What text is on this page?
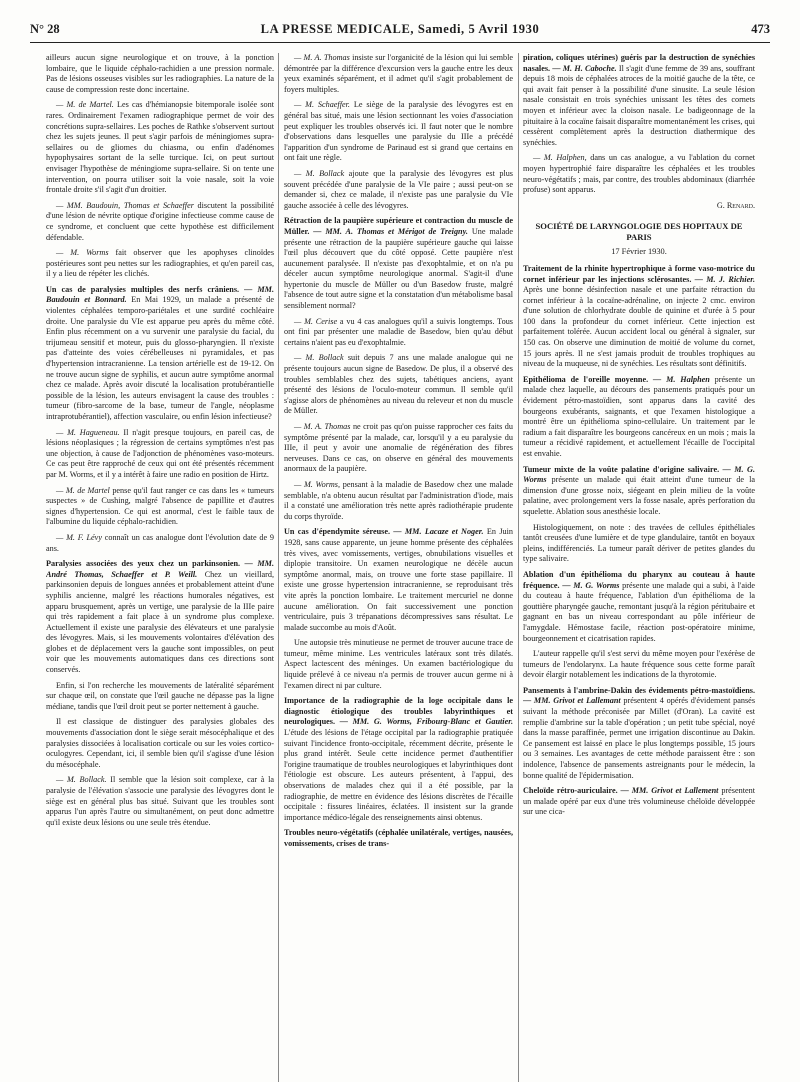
N° 28	LA PRESSE MEDICALE, Samedi, 5 Avril 1930	473

ailleurs aucun signe neurologique et on trouve, à la ponction lombaire, que le liquide céphalo-rachidien a une pression normale. Pas de lésions osseuses visibles sur les radiographies. La nature de la cause de compression reste donc incertaine.

— M. de Martel. Les cas d'hémianopsie bitemporale isolée sont rares. Ordinairement l'examen radiographique permet de voir des concrétions supra-sellaires. Les poches de Rathke s'observent surtout chez les sujets jeunes. Il peut s'agir parfois de méningiomes supra-sellaires ou de gliomes du chiasma, ou enfin d'adénomes hypophysaires sortant de la selle turcique. Ici, on peut surtout envisager l'hypothèse de méningiome supra-sellaire. Si on tente une intervention, on pourra utiliser soit la voie nasale, soit la voie frontale droite s'il s'agit d'un droitier.

— MM. Baudouin, Thomas et Schaeffer discutent la possibilité d'une lésion de névrite optique d'origine infectieuse comme cause de ce syndrome, et concluent que cette hypothèse est difficilement défendable.

— M. Worms fait observer que les apophyses clinoïdes postérieures sont peu nettes sur les radiographies, et qu'en pareil cas, il y a lieu de répéter les clichés.

Un cas de paralysies multiples des nerfs crâniens. — MM. Baudouin et Bonnard. En Mai 1929, un malade a présenté de violentes céphalées temporo-pariétales et une surdité cochléaire droite. Une paralysie du VIe est apparue peu après du même côté. Enfin plus récemment on a vu survenir une paralysie du facial, du trijumeau sensitif et moteur, puis du glosso-pharyngien. Il n'existe pas d'atteinte des voies cérébelleuses ni pyramidales, et pas d'hypertension intracranienne. La tension artérielle est de 19-12. On ne trouve aucun signe de syphilis, et aucun autre symptôme anormal chez ce malade. Après avoir discuté la localisation protubérantielle possible de la lésion, les auteurs envisagent la cause des troubles : tumeur (fibro-sarcome de la base, tumeur de l'angle, néoplasme intraprotubérantiel), affection vasculaire, ou enfin lésion infectieuse?

— M. Hagueneau. Il n'agit presque toujours, en pareil cas, de lésions néoplasiques ; la régression de certains symptômes n'est pas une objection, à cause de l'adjonction de phénomènes vaso-moteurs. Ce cas peut être rapproché de ceux qui ont été présentés récemment par M. Worms, et il y a intérêt à faire une radio en position de Hirtz.

— M. de Martel pense qu'il faut ranger ce cas dans les « tumeurs suspectes » de Cushing, malgré l'absence de papillite et d'autres signes d'hypertension. Ce qui est anormal, c'est le faible taux de l'albumine du liquide céphalo-rachidien.

— M. F. Lévy connaît un cas analogue dont l'évolution date de 9 ans.

Paralysies associées des yeux chez un parkinsonien. — MM. André Thomas, Schaeffer et P. Weill. Chez un vieillard, parkinsonien depuis de longues années et probablement atteint d'une syphilis ancienne, malgré les réactions humorales négatives, est apparu brusquement, après un vertige, une paralysie de la IIIe paire qui très rapidement a fait place à un syndrome plus complexe. Actuellement il existe une paralysie des élévateurs et une paralysie des lévogyres. Mais, si les mouvements volontaires d'élévation des globes et de déplacement vers la gauche sont impossibles, on peut voir que les mouvements automatiques dans ces directions sont conservés.

Enfin, si l'on recherche les mouvements de latéralité séparément sur chaque œil, on constate que l'œil gauche ne dépasse pas la ligne médiane, tandis que l'œil droit peut se porter nettement à gauche.

Il est classique de distinguer des paralysies globales des mouvements d'association dont le siège serait mésocéphalique et des paralysies dissociées à localisation corticale ou sur les voies cortico-oculogyres. Cependant, ici, il semble bien qu'il s'agisse d'une lésion du mésocéphale.

— M. Bollack. Il semble que la lésion soit complexe, car à la paralysie de l'élévation s'associe une paralysie des lévogyres dont le siège est en général plus bas situé. Suivant que les troubles sont apparus l'un après l'autre ou simultanément, on peut donc admettre qu'il existe deux lésions ou une seule très étendue.

— M. A. Thomas insiste sur l'organicité de la lésion qui lui semble démontrée par la différence d'excursion vers la gauche entre les deux yeux examinés séparément, et il admet qu'il s'agit probablement de foyers multiples.

— M. Schaeffer. Le siège de la paralysie des lévogyres est en général bas situé, mais une lésion sectionnant les voies d'association peut expliquer les troubles observés ici. Il faut noter que le nombre d'observations dans lesquelles une paralysie du IIIe a précédé l'apparition d'un syndrome de Parinaud est si grand que certains en ont fait une règle.

— M. Bollack ajoute que la paralysie des lévogyres est plus souvent précédée d'une paralysie de la VIe paire ; aussi peut-on se demander si, chez ce malade, il n'existe pas une paralysie du VIe gauche associée à celle des lévogyres.

Rétraction de la paupière supérieure et contraction du muscle de Müller. — MM. A. Thomas et Mérigot de Treigny. Une malade présente une rétraction de la paupière supérieure gauche qui laisse l'œil plus découvert que du côté opposé. Cette paupière n'est aucunement paralysée. Il n'existe pas d'exophtalmie, et on n'a pu déceler aucun symptôme neurologique anormal. S'agit-il d'une hypertonie du muscle de Müller ou d'un Basedow fruste, malgré l'absence de tout autre signe et la constatation d'un métabolisme basal sensiblement normal?

— M. Cerise a vu 4 cas analogues qu'il a suivis longtemps. Tous ont fini par présenter une maladie de Basedow, bien qu'au début certains n'aient pas eu d'exophtalmie.

— M. Bollack suit depuis 7 ans une malade analogue qui ne présente toujours aucun signe de Basedow. De plus, il a observé des troubles semblables chez des sujets, tabétiques anciens, ayant présenté des lésions de l'oculo-moteur commun. Il semble qu'il s'agisse alors de phénomènes au niveau du releveur et non du muscle de Müller.

— M. A. Thomas ne croit pas qu'on puisse rapprocher ces faits du symptôme présenté par la malade, car, lorsqu'il y a eu paralysie du IIIe, il peut y avoir une anomalie de régénération des fibres nerveuses. Dans ce cas, on observe en général des mouvements anormaux de la paupière.

— M. Worms, pensant à la maladie de Basedow chez une malade semblable, n'a obtenu aucun résultat par l'administration d'iode, mais il a constaté une amélioration très nette après radiothérapie prudente du corps thyroïde.

Un cas d'épendymite séreuse. — MM. Lacaze et Noger. En Juin 1928, sans cause apparente, un jeune homme présente des céphalées très vives, avec vomissements, vertiges, obnubilations visuelles et diplopie transitoire. Un examen neurologique ne décèle aucun symptôme anormal, mais, on trouve une forte stase papillaire. Il existe une grosse hypertension intracranienne, se reproduisant très vite après la ponction lombaire. Le traitement mercuriel ne donne aucune amélioration. On fait successivement une ponction ventriculaire, puis 3 trépanations décompressives sans résultat. Le malade succombe au mois d'Août.

Une autopsie très minutieuse ne permet de trouver aucune trace de tumeur, même minime. Les ventricules latéraux sont très dilatés. Aspect lactescent des méninges. Un examen bactériologique du liquide prélevé à ce niveau n'a permis de trouver aucun germe ni à l'examen direct ni par culture.

Importance de la radiographie de la loge occipitale dans le diagnostic étiologique des troubles labyrinthiques et neurologiques. — MM. G. Worms, Fribourg-Blanc et Gautier. L'étude des lésions de l'étage occipital par la radiographie pratiquée suivant l'incidence fronto-occipitale, récemment décrite, présente le plus grand intérêt. Seule cette incidence permet d'authentifier l'origine traumatique de troubles neurologiques et labyrinthiques dont l'étiologie est obscure. Les auteurs présentent, à l'appui, des observations de malades chez qui il a été possible, par la radiographie, de mettre en évidence des lésions discrètes de l'écaille occipitale : fissures linéaires, éclatées. Il insistent sur la grande importance médico-légale des renseignements ainsi obtenus.

Troubles neuro-végétatifs (céphalée unilatérale, vertiges, nausées, vomissements, crises de trans-

piration, coliques utérines) guéris par la destruction de synéchies nasales. — M. H. Caboche. Il s'agit d'une femme de 39 ans, souffrant depuis 18 mois de céphalées atroces de la moitié gauche de la tête, ce qui avait fait penser à la possibilité d'une sinusite. La seule lésion nasale consistait en trois synéchies unissant les têtes des cornets moyen et inférieur avec la cloison nasale. Le badigeonnage de la pituitaire à la cocaïne faisait disparaître momentanément les crises, qui cessèrent complètement après la destruction diathermique des synéchies.

— M. Halphen, dans un cas analogue, a vu l'ablation du cornet moyen hypertrophié faire disparaître les céphalées et les troubles neuro-végétatifs ; mais, par contre, des troubles abdominaux (diarrhée profuse) sont apparus.

G. Renard.
SOCIÉTÉ DE LARYNGOLOGIE DES HOPITAUX DE PARIS
17 Février 1930.

Traitement de la rhinite hypertrophique à forme vaso-motrice du cornet inférieur par les injections sclérosantes. — M. J. Richier. Après une bonne désinfection nasale et une parfaite rétraction du cornet inférieur à la cocaïne-adrénaline, on injecte 2 cmc. environ d'une solution de chlorhydrate double de quinine et d'urée à 5 pour 100 dans la profondeur du cornet inférieur. Cette injection est parfaitement tolérée. Aucun accident local ou général à signaler, sur 150 cas. On observe une diminution de moitié de volume du cornet, 15 jours après. Il ne s'est jamais produit de troubles trophiques au niveau de la muqueuse, ni de synéchies. Les résultats sont définitifs.

Epithélioma de l'oreille moyenne. — M. Halphen présente un malade chez laquelle, au décours des pansements pratiqués pour un évidement pétro-mastoïdien, sont apparus dans la cavité des bourgeons exubérants, saignants, et que l'examen histologique a montré être un épithélioma spino-cellulaire. Un traitement par le radium a fait disparaître les bourgeons cancéreux en un mois ; mais la tumeur a récidivé rapidement, et actuellement l'écaille de l'occipital est envahie.

Tumeur mixte de la voûte palatine d'origine salivaire. — M. G. Worms présente un malade qui était atteint d'une tumeur de la dimension d'une grosse noix, siégeant en plein milieu de la voûte palatine, avec prolongement vers la fosse nasale, après perforation du squelette. Ablation sous anesthésie locale.

Histologiquement, on note : des travées de cellules épithéliales tantôt creusées d'une lumière et de type glandulaire, tantôt en boyaux pleins, indifférenciés. La tumeur paraît dériver de petites glandes du type salivaire.

Ablation d'un épithélioma du pharynx au couteau à haute fréquence. — M. G. Worms présente une malade qui a subi, à l'aide du couteau à haute fréquence, l'ablation d'un épithélioma de la gouttière pharyngée gauche, remontant jusqu'à la région péritubaire et gagnant en bas un niveau correspondant au pôle inférieur de l'amygdale. Hémostase facile, réaction post-opératoire minime, bourgeonnement et cicatrisation rapides.

L'auteur rappelle qu'il s'est servi du même moyen pour l'exérèse de tumeurs de l'endolarynx. La haute fréquence sous cette forme paraît devoir élargir notablement les indications de la thyrotomie.

Pansements à l'ambrine-Dakin des évidements pétro-mastoïdiens. — MM. Grivot et Lallemant présentent 4 opérés d'évidement pansés suivant la méthode préconisée par Millet (d'Oran). La cavité est remplie d'ambrine sur la table d'opération ; un petit tube spécial, noyé dans la masse paraffinée, permet une irrigation discontinue au Dakin. Ce pansement est laissé en place le plus longtemps possible, 15 jours ou 3 semaines. Les avantages de cette méthode paraissent être : son indolence, l'absence de pansements astreignants pour le médecin, la bonne qualité de l'épidermisation.

Cheloïde rétro-auriculaire. — MM. Grivot et Lallement présentent un malade opéré par eux d'une très volumineuse chéloïde développée sur une cica-
